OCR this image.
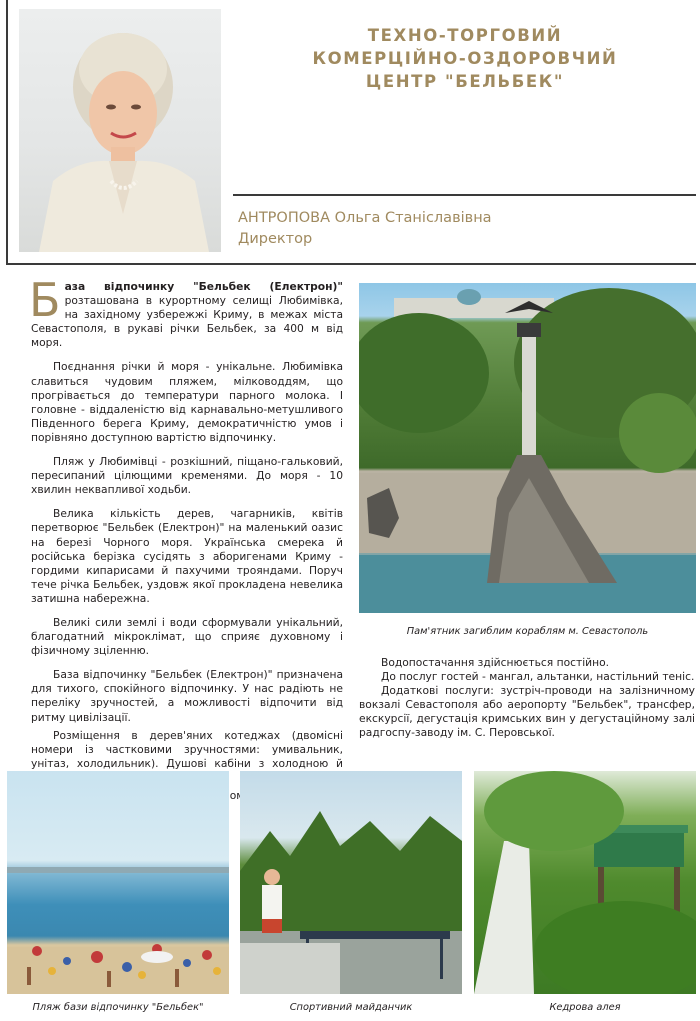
ТЕХНО-ТОРГОВИЙ
КОМЕРЦІЙНО-ОЗДОРОВЧИЙ
ЦЕНТР "БЕЛЬБЕК"
АНТРОПОВА Ольга Станіславівна
Директор

База відпочинку "Бельбек (Електрон)" розташована в курортному селищі Любимівка, на західному узбережжі Криму, в межах міста Севастополя, в рукаві річки Бельбек, за 400 м від моря.

Поєднання річки й моря - унікальне. Любимівка славиться чудовим пляжем, мілководдям, що прогрівається до температури парного молока. І головне - віддаленістю від карнавально-метушливого Південного берега Криму, демократичністю умов і порівняно доступною вартістю відпочинку.

Пляж у Любимівці - розкішний, піщано-гальковий, пересипаний цілющими кременями. До моря - 10 хвилин неквапливої ходьби.

Велика кількість дерев, чагарників, квітів перетворює "Бельбек (Електрон)" на маленький оазис на березі Чорного моря. Українська смерека й російська берізка сусідять з аборигенами Криму - гордими кипарисами й пахучими трояндами. Поруч тече річка Бельбек, уздовж якої прокладена невелика затишна набережна.

Великі сили землі і води сформували унікальний, благодатний мікроклімат, що сприяє духовному і фізичному зціленню.

База відпочинку "Бельбек (Електрон)" призначена для тихого, спокійного відпочинку. У нас радіють не переліку зручностей, а можливості відпочити від ритму цивілізації.

Розміщення в дерев'яних котеджах (двомісні номери із частковими зручностями: умивальник, унітаз, холодильник). Душові кабіни з холодною й

Пам'ятник загиблим кораблям м. Севастополь

Водопостачання здійснюється постійно.

До послуг гостей - мангал, альтанки, настільний теніс.

Додаткові послуги: зустріч-проводи на залізничному вокзалі Севастополя або аеропорту "Бельбек", трансфер, екскурсії, дегустація кримських вин у дегустаційному залі радгоспу-заводу ім. С. Перовської.

Пляж бази відпочинку "Бельбек"	Спортивний майданчик	Кедрова алея
